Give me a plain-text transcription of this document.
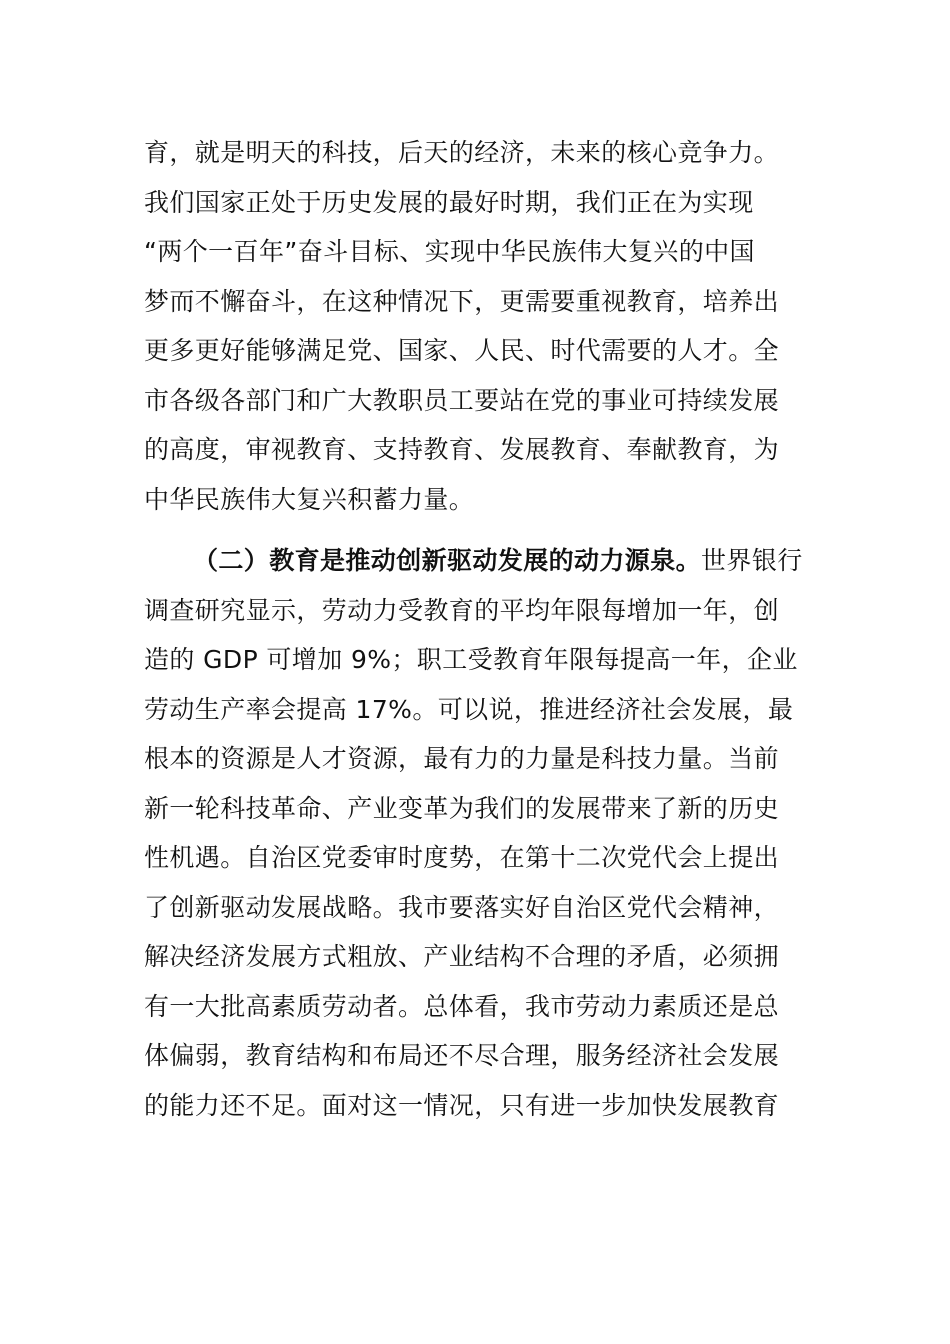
育，就是明天的科技，后天的经济，未来的核心竞争力。
我们国家正处于历史发展的最好时期，我们正在为实现
“两个一百年”奋斗目标、实现中华民族伟大复兴的中国
梦而不懈奋斗，在这种情况下，更需要重视教育，培养出
更多更好能够满足党、国家、人民、时代需要的人才。全
市各级各部门和广大教职员工要站在党的事业可持续发展
的高度，审视教育、支持教育、发展教育、奉献教育，为
中华民族伟大复兴积蓄力量。
（二）教育是推动创新驱动发展的动力源泉。世界银行
调查研究显示，劳动力受教育的平均年限每增加一年，创
造的 GDP 可增加 9%；职工受教育年限每提高一年，企业
劳动生产率会提高 17%。可以说，推进经济社会发展，最
根本的资源是人才资源，最有力的力量是科技力量。当前
新一轮科技革命、产业变革为我们的发展带来了新的历史
性机遇。自治区党委审时度势，在第十二次党代会上提出
了创新驱动发展战略。我市要落实好自治区党代会精神，
解决经济发展方式粗放、产业结构不合理的矛盾，必须拥
有一大批高素质劳动者。总体看，我市劳动力素质还是总
体偏弱，教育结构和布局还不尽合理，服务经济社会发展
的能力还不足。面对这一情况，只有进一步加快发展教育
